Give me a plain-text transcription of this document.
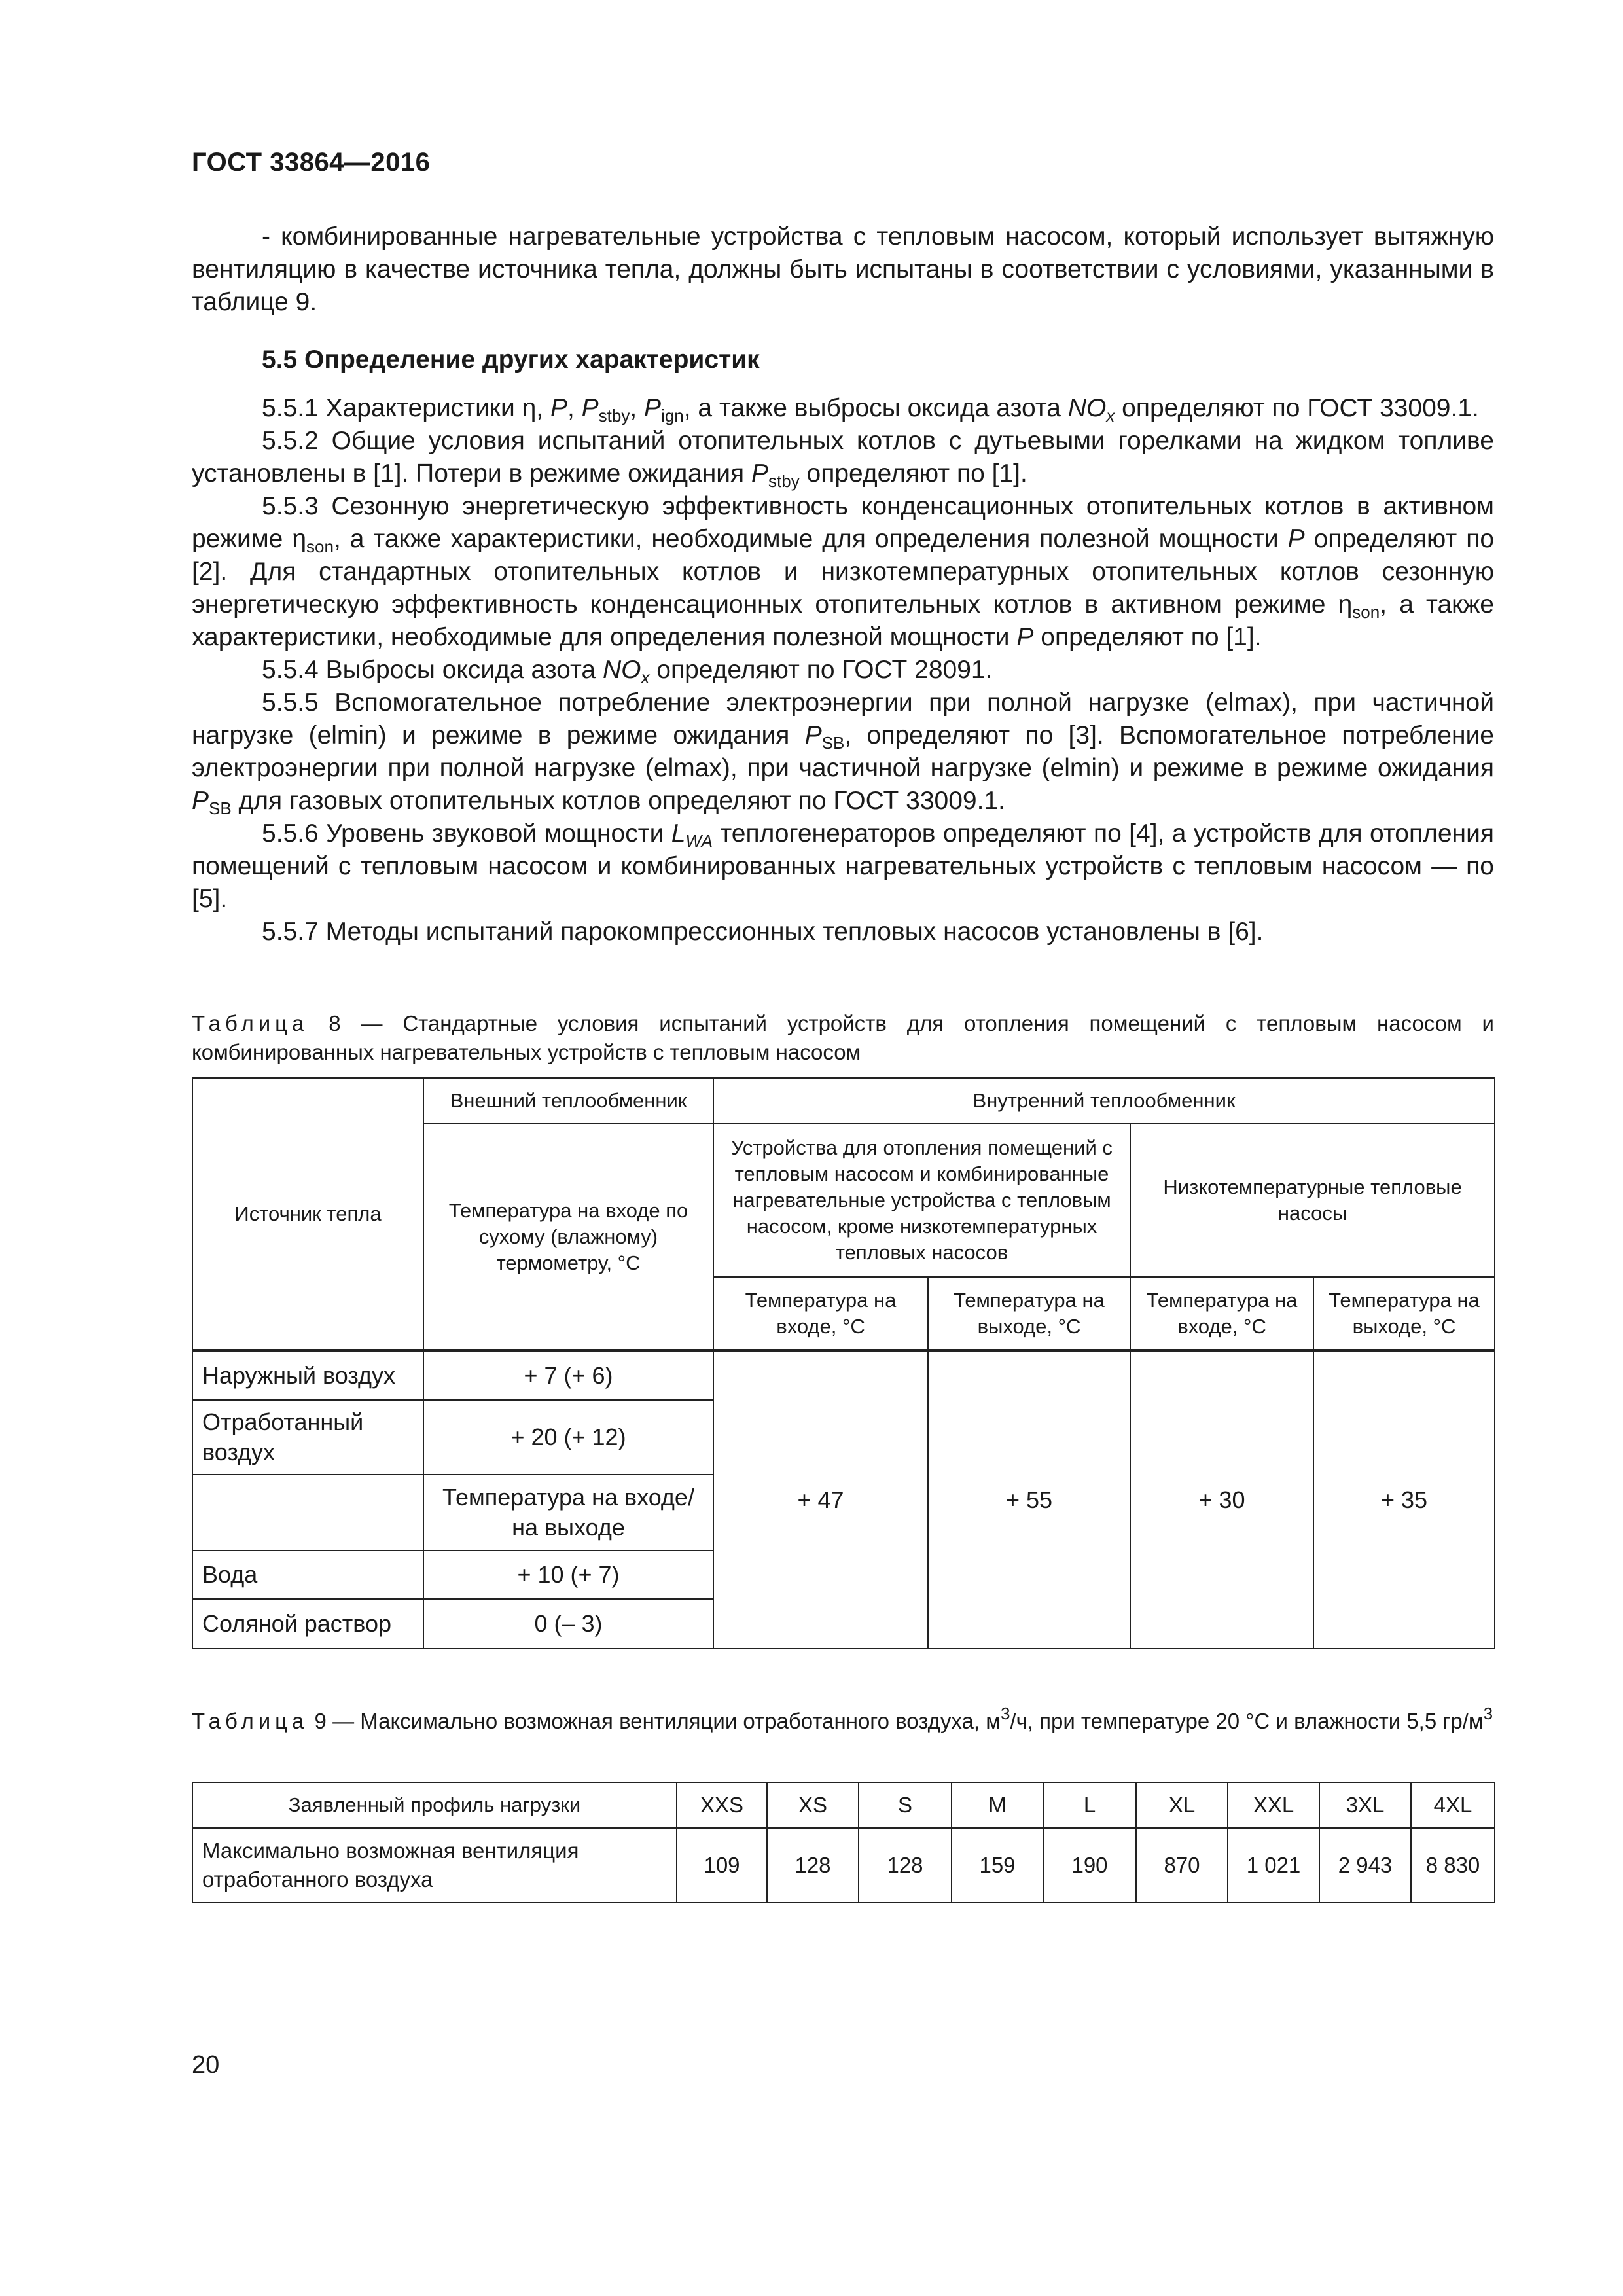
ГОСТ 33864—2016

- комбинированные нагревательные устройства с тепловым насосом, который использует вытяжную вентиляцию в качестве источника тепла, должны быть испытаны в соответствии с условиями, указанными в таблице 9.

5.5 Определение других характеристик

5.5.1 Характеристики η, P, $P_{stby}$, $P_{ign}$, а также выбросы оксида азота $NO_x$ определяют по ГОСТ 33009.1.

5.5.2 Общие условия испытаний отопительных котлов с дутьевыми горелками на жидком топливе установлены в [1]. Потери в режиме ожидания $P_{stby}$ определяют по [1].

5.5.3 Сезонную энергетическую эффективность конденсационных отопительных котлов в активном режиме $\eta_{son}$, а также характеристики, необходимые для определения полезной мощности P определяют по [2]. Для стандартных отопительных котлов и низкотемпературных отопительных котлов сезонную энергетическую эффективность конденсационных отопительных котлов в активном режиме $\eta_{son}$, а также характеристики, необходимые для определения полезной мощности P определяют по [1].

5.5.4 Выбросы оксида азота $NO_x$ определяют по ГОСТ 28091.

5.5.5 Вспомогательное потребление электроэнергии при полной нагрузке (elmax), при частичной нагрузке (elmin) и режиме в режиме ожидания $P_{SB}$, определяют по [3]. Вспомогательное потребление электроэнергии при полной нагрузке (elmax), при частичной нагрузке (elmin) и режиме в режиме ожидания $P_{SB}$ для газовых отопительных котлов определяют по ГОСТ 33009.1.

5.5.6 Уровень звуковой мощности $L_{WA}$ теплогенераторов определяют по [4], а устройств для отопления помещений с тепловым насосом и комбинированных нагревательных устройств с тепловым насосом — по [5].

5.5.7 Методы испытаний парокомпрессионных тепловых насосов установлены в [6].

Таблица 8 — Стандартные условия испытаний устройств для отопления помещений с тепловым насосом и комбинированных нагревательных устройств с тепловым насосом
Источник тепла	Внешний теплообменник	Внутренний теплообменник			
	Температура на входе по сухому (влажному) термометру, °С	Устройства для отопления помещений с тепловым насосом и комбинированные нагревательные устройства с тепловым насосом, кроме низкотемпературных тепловых насосов		Низкотемпературные тепловые насосы	
		Температура на входе, °С	Температура на выходе, °С	Температура на входе, °С	Температура на выходе, °С
Наружный воздух	+ 7 (+ 6)	+ 47	+ 55	+ 30	+ 35
Отработанный воздух	+ 20 (+ 12)				
	Температура на входе/на выходе				
Вода	+ 10 (+ 7)				
Соляной раствор	0 (– 3)				
Таблица 9 — Максимально возможная вентиляции отработанного воздуха, $м^3/ч$, при температуре 20 °С и влажности 5,5 $гр/м^3$
Заявленный профиль нагрузки	XXS	XS	S	M	L	XL	XXL	3XL	4XL
Максимально возможная вентиляция отработанного воздуха	109	128	128	159	190	870	1 021	2 943	8 830
20
